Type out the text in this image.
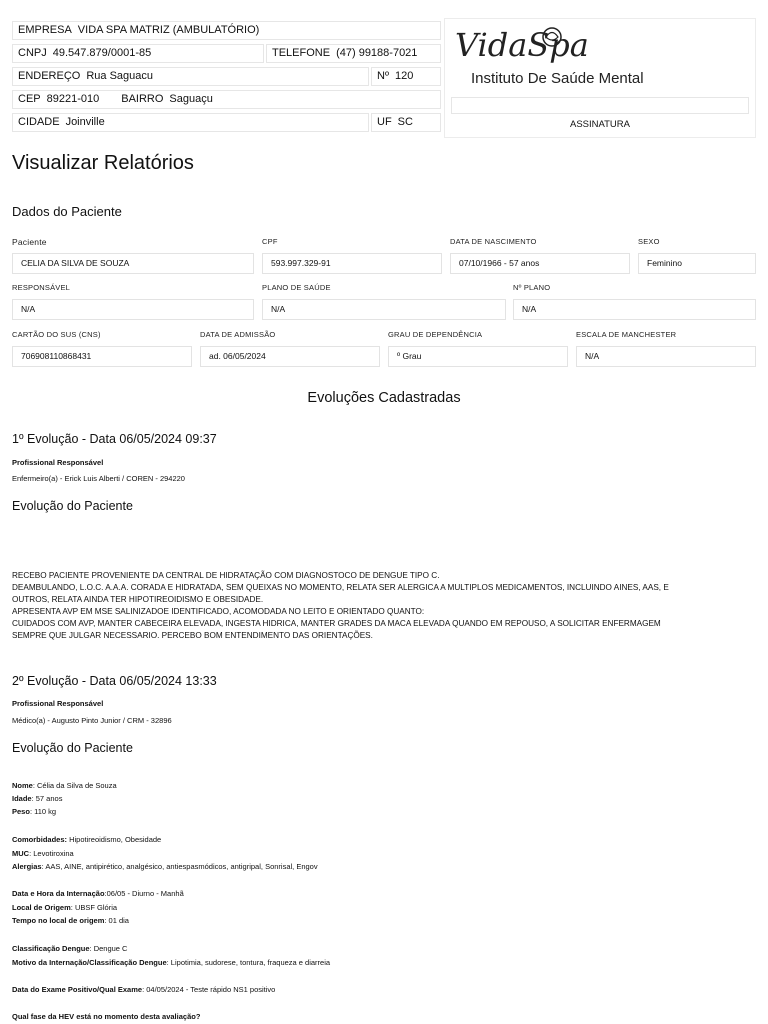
EMPRESA VIDA SPA MATRIZ (AMBULATÓRIO)
CNPJ 49.547.879/0001-85	TELEFONE (47) 99188-7021
ENDEREÇO Rua Saguacu	Nº 120
CEP 89221-010 BAIRRO Saguaçu
CIDADE Joinville	UF SC
VidaSpa
Instituto De Saúde Mental
ASSINATURA
Visualizar Relatórios
Dados do Paciente
Paciente
CELIA DA SILVA DE SOUZA
CPF
593.997.329-91
DATA DE NASCIMENTO
07/10/1966 - 57 anos
SEXO
Feminino
RESPONSÁVEL
N/A
PLANO DE SAÚDE
N/A
Nº PLANO
N/A
CARTÃO DO SUS (CNS)
706908110868431
DATA DE ADMISSÃO
ad. 06/05/2024
GRAU DE DEPENDÊNCIA
º Grau
ESCALA DE MANCHESTER
N/A
Evoluções Cadastradas
1º Evolução - Data 06/05/2024 09:37
Profissional Responsável
Enfermeiro(a) - Erick Luis Alberti / COREN - 294220
Evolução do Paciente
RECEBO PACIENTE PROVENIENTE DA CENTRAL DE HIDRATAÇÃO COM DIAGNOSTOCO DE DENGUE TIPO C.
DEAMBULANDO, L.O.C. A.A.A. CORADA E HIDRATADA, SEM QUEIXAS NO MOMENTO, RELATA SER ALERGICA A MULTIPLOS MEDICAMENTOS, INCLUINDO AINES, AAS, E
OUTROS, RELATA AINDA TER HIPOTIREOIDISMO E OBESIDADE.
APRESENTA AVP EM MSE SALINIZADOE IDENTIFICADO, ACOMODADA NO LEITO E ORIENTADO QUANTO:
CUIDADOS COM AVP, MANTER CABECEIRA ELEVADA, INGESTA HIDRICA, MANTER GRADES DA MACA ELEVADA QUANDO EM REPOUSO, A SOLICITAR ENFERMAGEM
SEMPRE QUE JULGAR NECESSARIO. PERCEBO BOM ENTENDIMENTO DAS ORIENTAÇÕES.
2º Evolução - Data 06/05/2024 13:33
Profissional Responsável
Médico(a) - Augusto Pinto Junior / CRM - 32896
Evolução do Paciente
Nome: Célia da Silva de Souza
Idade: 57 anos
Peso: 110 kg
Comorbidades: Hipotireoidismo, Obesidade
MUC: Levotiroxina
Alergias: AAS, AINE, antipirético, analgésico, antiespasmódicos, antigripal, Sonrisal, Engov
Data e Hora da Internação:06/05 - Diurno - Manhã
Local de Origem: UBSF Glória
Tempo no local de origem: 01 dia
Classificação Dengue: Dengue C
Motivo da Internação/Classificação Dengue: Lipotimia, sudorese, tontura, fraqueza e diarreia
Data do Exame Positivo/Qual Exame: 04/05/2024 - Teste rápido NS1 positivo
Qual fase da HEV está no momento desta avaliação?
